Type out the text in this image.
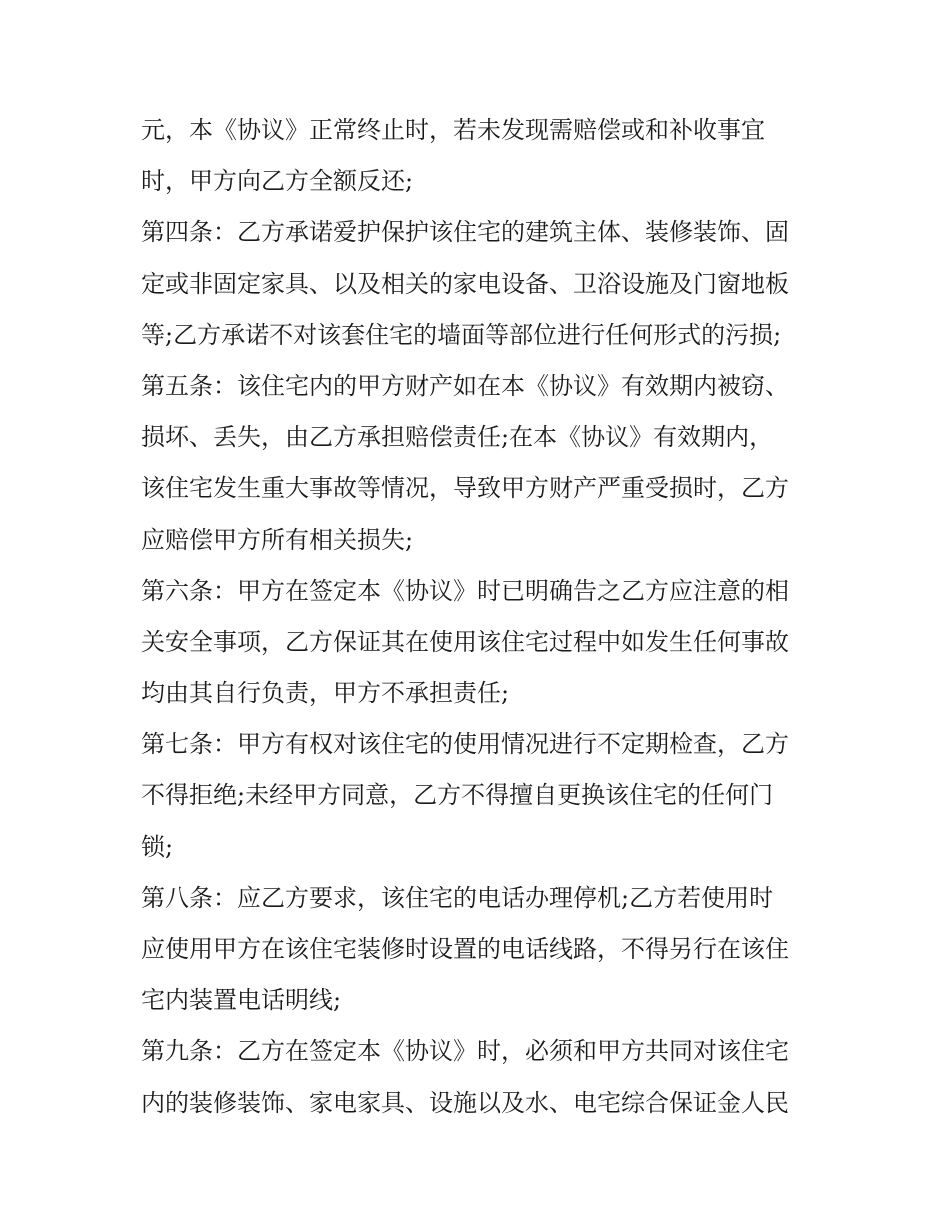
元，本《协议》正常终止时，若未发现需赔偿或和补收事宜
时，甲方向乙方全额反还;
第四条：乙方承诺爱护保护该住宅的建筑主体、装修装饰、固
定或非固定家具、以及相关的家电设备、卫浴设施及门窗地板
等;乙方承诺不对该套住宅的墙面等部位进行任何形式的污损;
第五条：该住宅内的甲方财产如在本《协议》有效期内被窃、
损坏、丢失，由乙方承担赔偿责任;在本《协议》有效期内，
该住宅发生重大事故等情况，导致甲方财产严重受损时，乙方
应赔偿甲方所有相关损失;
第六条：甲方在签定本《协议》时已明确告之乙方应注意的相
关安全事项，乙方保证其在使用该住宅过程中如发生任何事故
均由其自行负责，甲方不承担责任;
第七条：甲方有权对该住宅的使用情况进行不定期检查，乙方
不得拒绝;未经甲方同意，乙方不得擅自更换该住宅的任何门
锁;
第八条：应乙方要求，该住宅的电话办理停机;乙方若使用时
应使用甲方在该住宅装修时设置的电话线路，不得另行在该住
宅内装置电话明线;
第九条：乙方在签定本《协议》时，必须和甲方共同对该住宅
内的装修装饰、家电家具、设施以及水、电宅综合保证金人民
